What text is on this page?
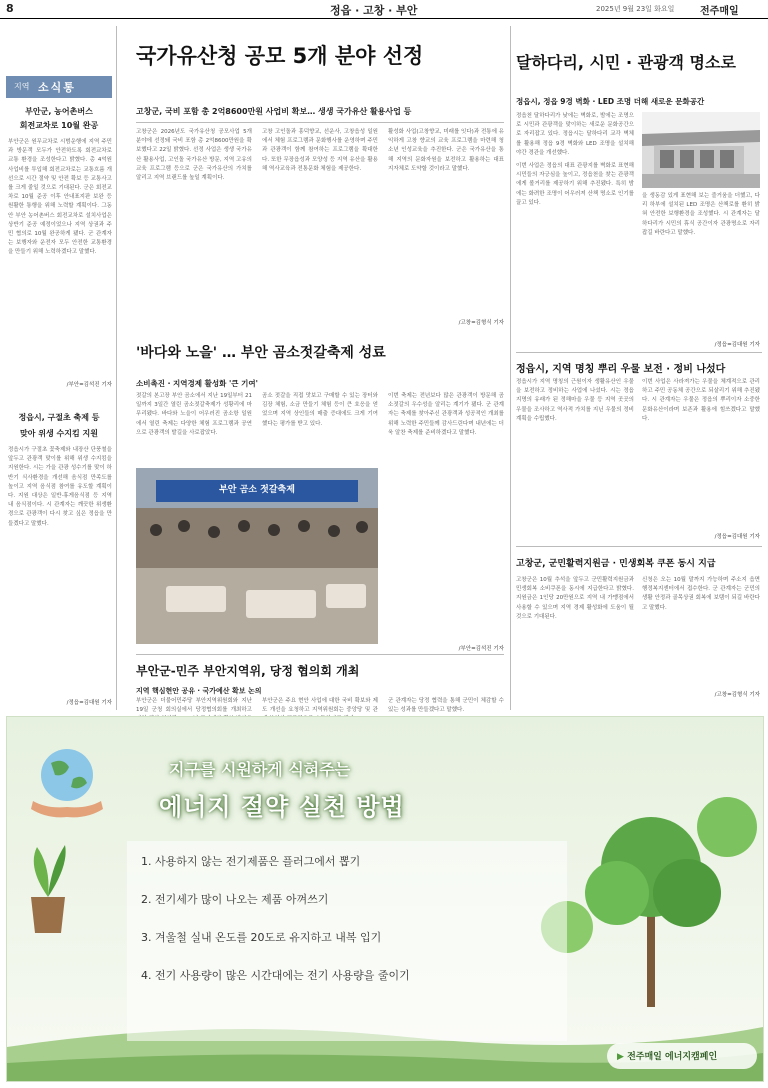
8	정읍 · 고창 · 부안	2025년 9월 23일 화요일	전주매일
지역 소식통
부안군, 농어촌버스
회전교차로 10월 완공
부안군은 원무교차로 시범운행에 지역 주민과 방문객 모두가 안전하도록 회전교차로 교통 환경을 조성한다고 밝혔다. 총 4억원 사업비를 투입해 회전교차로는 교통흐름 개선으로 시간 절약 및 안전 확보 등 교통사고를 크게 줄일 것으로 기대된다. 군은 회전교차로 10월 준공 이후 안내표지판 보완 등 원활한 통행을 위해 노력할 계획이다. 그동안 부안 농어촌버스 회전교차로 설치사업은 상반기 준공 예정이었으나 지역 상권과 주민 협의로 10월 완공하게 됐다. 군 관계자는 보행자와 운전자 모두 안전한 교통환경을 만들기 위해 노력하겠다고 말했다.
/부안=김석진 기자
정읍시, 구절초 축제 등
맞아 위생 수지킴 지원
정읍시가 구절초 꽃축제와 내장산 단풍철을 앞두고 관광객 맞이를 위해 위생 수지킴을 지원한다. 시는 가을 관광 성수기를 맞이 하반기 식사환경을 개선해 음식점 만족도를 높이고 지역 음식점 참여를 유도할 계획이다. 지원 대상은 일반·휴게음식점 등 지역 내 음식점이다. 시 관계자는 깨끗한 위생환경으로 관광객이 다시 찾고 싶은 정읍을 만들겠다고 말했다.
/정읍=김대원 기자
국가유산청 공모 5개 분야 선정
고창군, 국비 포함 총 2억8600만원 사업비 확보… 생생 국가유산 활용사업 등
고창군은 2026년도 국가유산청 공모사업 5개 분야에 선정돼 국비 포함 총 2억8600만원을 확보했다고 22일 밝혔다. 선정 사업은 생생 국가유산 활용사업, 고인돌 국가유산 방문, 지역 고유의 교육 프로그램 등으로 군은 국가유산의 가치를 알리고 지역 브랜드를 높일 계획이다.
고창 고인돌과 흥덕향교, 선운사, 고창읍성 일원에서 체험 프로그램과 문화행사를 운영하며 주민과 관광객이 함께 참여하는 프로그램을 확대한다. 또한 무장읍성과 모양성 등 지역 유산을 활용해 역사교육과 전통문화 체험을 제공한다.
활성화 사업(고창향교, 미래를 잇다)과 전통에 유익하게 고창 향교의 교육 프로그램을 마련해 청소년 인성교육을 추진한다. 군은 국가유산을 통해 지역의 문화자원을 보전하고 활용하는 대표 지자체로 도약할 것이라고 말했다.
/고창=김형식 기자
'바다와 노을' … 부안 곰소젓갈축제 성료
소비촉진 · 지역경제 활성화 '큰 기여'
젓갈의 본고장 부안 곰소에서 지난 19일부터 21일까지 3일간 열린 곰소젓갈축제가 성황리에 마무리됐다. 바다와 노을이 어우러진 곰소항 일원에서 열린 축제는 다양한 체험 프로그램과 공연으로 관광객의 발길을 사로잡았다.
곰소 젓갈을 직접 맛보고 구매할 수 있는 장터와 김장 체험, 소금 만들기 체험 등이 큰 호응을 얻었으며 지역 상인들의 매출 증대에도 크게 기여했다는 평가를 받고 있다.
이번 축제는 전년보다 많은 관광객이 방문해 곰소젓갈의 우수성을 알리는 계기가 됐다. 군 관계자는 축제를 찾아주신 관광객과 성공적인 개최를 위해 노력한 주민들께 감사드린다며 내년에는 더욱 알찬 축제를 준비하겠다고 말했다.
/부안=김석진 기자
부안 곰소 젓갈축제
부안군-민주 부안지역위, 당정 협의회 개최
지역 핵심현안 공유 · 국가예산 확보 논의
부안군은 더불어민주당 부안지역위원회와 지난 19일 군청 회의실에서 당정협의회를 개최하고
부안군은 주요 현안 사업에 대한 국비 확보와 제도 개선을 요청하고 지역위원회는 중앙당 및 관
군 관계자는 당정 협력을 통해 군민이 체감할 수 있는 성과를 만들겠다고 말했다.
달하다리, 시민 · 관광객 명소로
정읍시, 정읍 9경 벽화 · LED 조명 더해 새로운 문화공간
정읍천 달하다리가 낮에는 벽화로, 밤에는 조명으로 시민과 관광객을 맞이하는 새로운 문화공간으로 자리잡고 있다. 정읍시는 달하다리 교각 벽체를 활용해 정읍 9경 벽화와 LED 조명을 설치해 야간 경관을 개선했다.
이번 사업은 정읍의 대표 관광지를 벽화로 표현해 시민들의 자긍심을 높이고, 정읍천을 찾는 관광객에게 볼거리를 제공하기 위해 추진됐다. 특히 밤에는 화려한 조명이 어우러져 산책 명소로 인기를 끌고 있다.
을 생동감 있게 표현해 보는 즐거움을 더했고, 다리 하부에 설치된 LED 조명은 산책로를 환히 밝혀 안전한 보행환경을 조성했다. 시 관계자는 달하다리가 시민의 휴식 공간이자 관광명소로 자리잡길 바란다고 말했다.
/정읍=김대원 기자
정읍시, 지역 명칭 뿌리 우물 보전 · 정비 나섰다
정읍시가 지역 명칭의 근원이자 생활유산인 우물을 보전하고 정비하는 사업에 나섰다. 시는 정읍 지명의 유래가 된 정해마을 우물 등 지역 곳곳의 우물을 조사하고 역사적 가치를 지닌 우물의 정비 계획을 수립했다.
이번 사업은 사라져가는 우물을 체계적으로 관리하고 주민 공동체 공간으로 되살리기 위해 추진됐다. 시 관계자는 우물은 정읍의 뿌리이자 소중한 문화유산이라며 보존과 활용에 힘쓰겠다고 말했다.
/정읍=김대원 기자
고창군, 군민활력지원금 · 민생회복 쿠폰 동시 지급
고창군은 10월 추석을 앞두고 군민활력지원금과 민생회복 소비쿠폰을 동시에 지급한다고 밝혔다. 지원금은 1인당 20만원으로 지역 내 가맹점에서 사용할 수 있으며 지역 경제 활성화에 도움이 될 것으로 기대된다.
신청은 오는 10월 말까지 가능하며 주소지 읍면 행정복지센터에서 접수한다. 군 관계자는 군민의 생활 안정과 골목상권 회복에 보탬이 되길 바란다고 말했다.
/고창=김형식 기자
지구를 시원하게 식혀주는
에너지 절약 실천 방법
1. 사용하지 않는 전기제품은 플러그에서 뽑기
2. 전기세가 많이 나오는 제품 아껴쓰기
3. 겨울철 실내 온도를 20도로 유지하고 내복 입기
4. 전기 사용량이 많은 시간대에는 전기 사용량을 줄이기
▶ 전주매일 에너지캠페인
